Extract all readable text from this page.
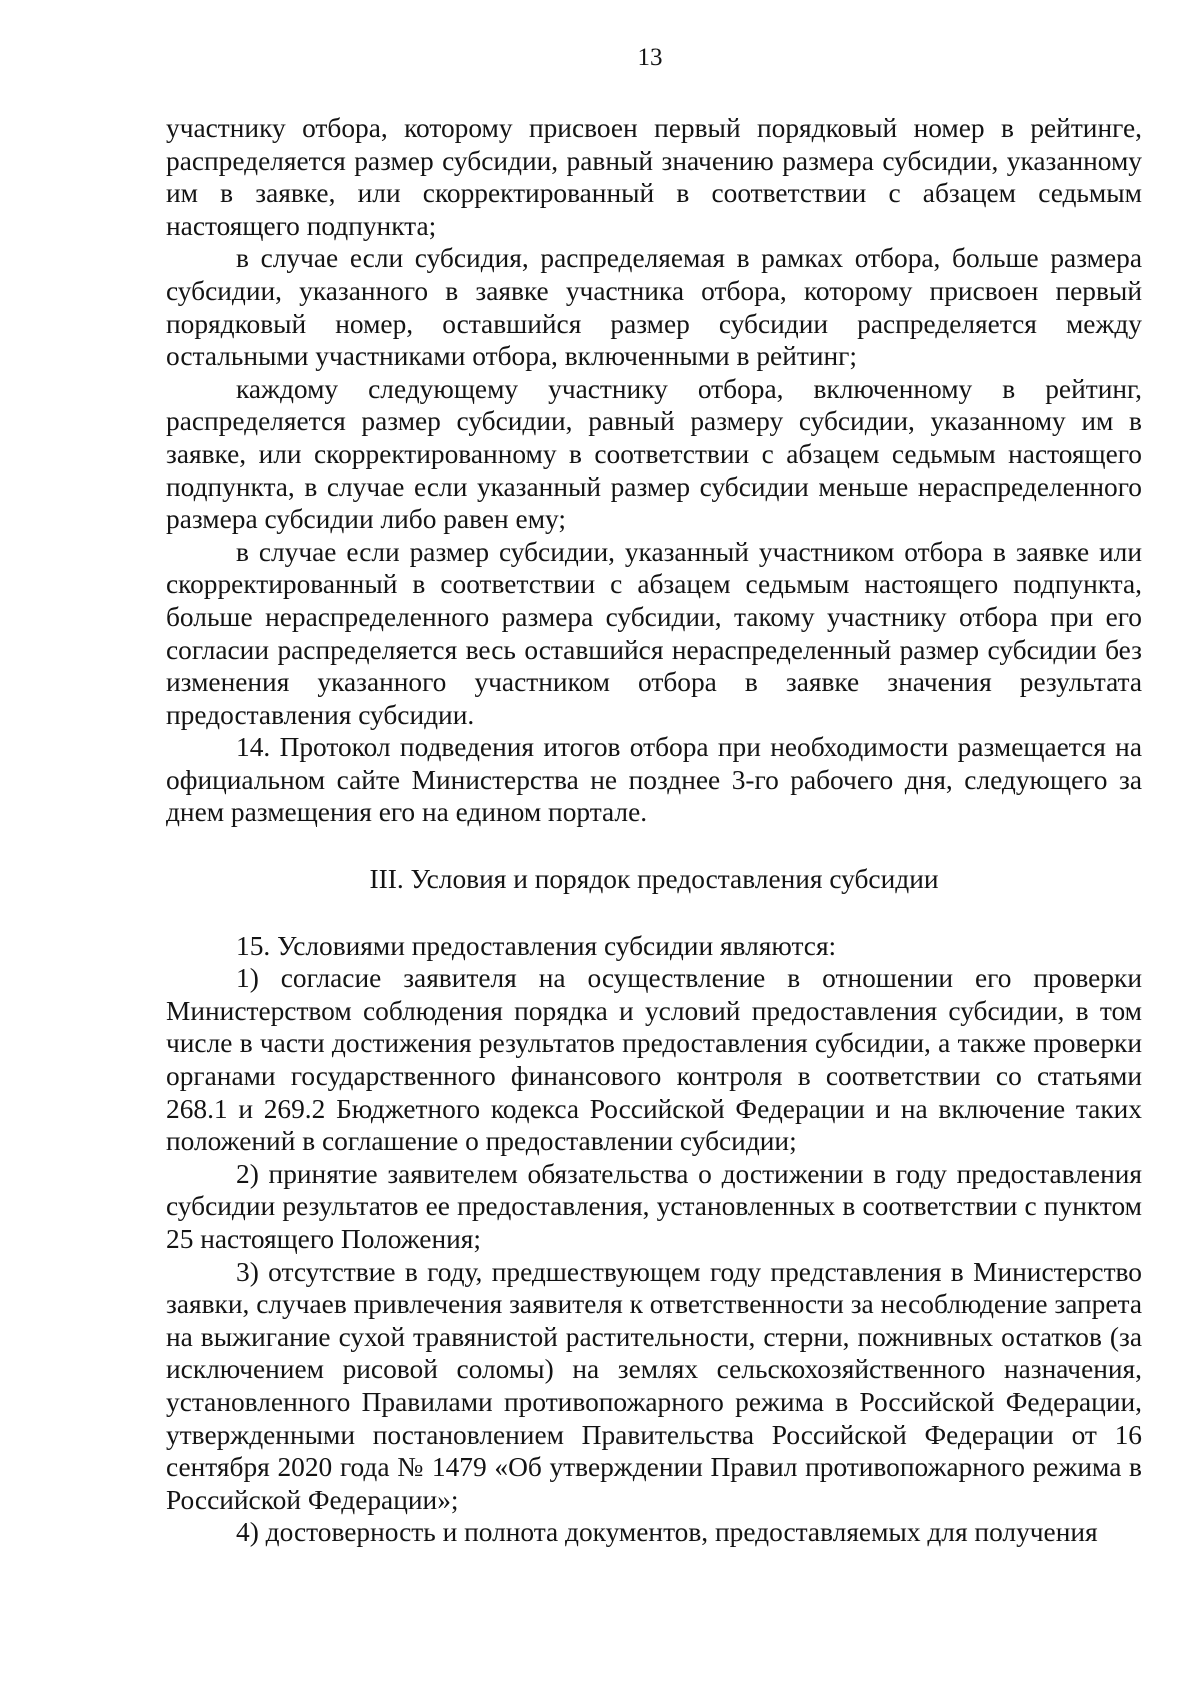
13

участнику отбора, которому присвоен первый порядковый номер в рейтинге, распределяется размер субсидии, равный значению размера субсидии, указанному им в заявке, или скорректированный в соответствии с абзацем седьмым настоящего подпункта;

в случае если субсидия, распределяемая в рамках отбора, больше размера субсидии, указанного в заявке участника отбора, которому присвоен первый порядковый номер, оставшийся размер субсидии распределяется между остальными участниками отбора, включенными в рейтинг;

каждому следующему участнику отбора, включенному в рейтинг, распределяется размер субсидии, равный размеру субсидии, указанному им в заявке, или скорректированному в соответствии с абзацем седьмым настоящего подпункта, в случае если указанный размер субсидии меньше нераспределенного размера субсидии либо равен ему;

в случае если размер субсидии, указанный участником отбора в заявке или скорректированный в соответствии с абзацем седьмым настоящего подпункта, больше нераспределенного размера субсидии, такому участнику отбора при его согласии распределяется весь оставшийся нераспределенный размер субсидии без изменения указанного участником отбора в заявке значения результата предоставления субсидии.

14. Протокол подведения итогов отбора при необходимости размещается на официальном сайте Министерства не позднее 3-го рабочего дня, следующего за днем размещения его на едином портале.

III. Условия и порядок предоставления субсидии

15. Условиями предоставления субсидии являются:

1) согласие заявителя на осуществление в отношении его проверки Министерством соблюдения порядка и условий предоставления субсидии, в том числе в части достижения результатов предоставления субсидии, а также проверки органами государственного финансового контроля в соответствии со статьями 268.1 и 269.2 Бюджетного кодекса Российской Федерации и на включение таких положений в соглашение о предоставлении субсидии;

2) принятие заявителем обязательства о достижении в году предоставления субсидии результатов ее предоставления, установленных в соответствии с пунктом 25 настоящего Положения;

3) отсутствие в году, предшествующем году представления в Министерство заявки, случаев привлечения заявителя к ответственности за несоблюдение запрета на выжигание сухой травянистой растительности, стерни, пожнивных остатков (за исключением рисовой соломы) на землях сельскохозяйственного назначения, установленного Правилами противопожарного режима в Российской Федерации, утвержденными постановлением Правительства Российской Федерации от 16 сентября 2020 года № 1479 «Об утверждении Правил противопожарного режима в Российской Федерации»;

4) достоверность и полнота документов, предоставляемых для получения
